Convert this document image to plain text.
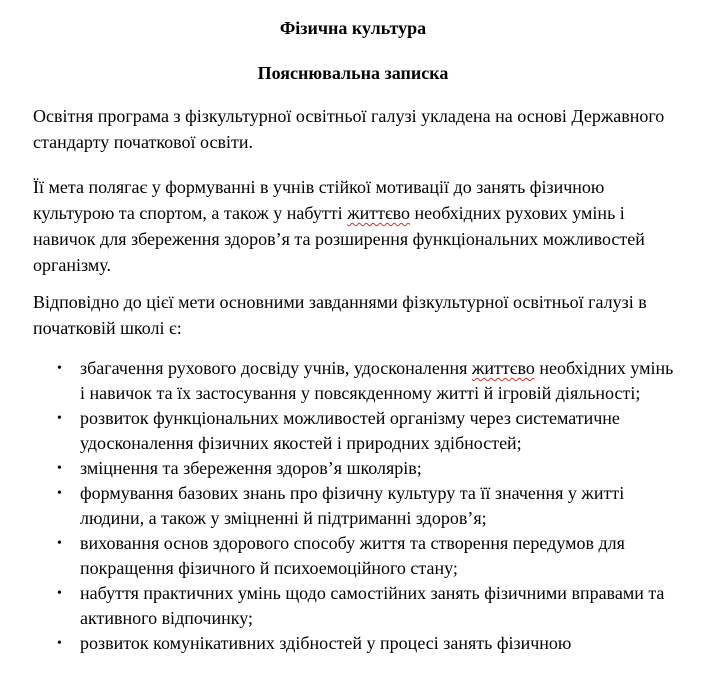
Фізична культура
Пояснювальна записка
Освітня програма з фізкультурної освітньої галузі укладена на основі Державного стандарту початкової освіти.
Її мета полягає у формуванні в учнів стійкої мотивації до занять фізичною культурою та спортом, а також у набутті життєво необхідних рухових умінь і навичок для збереження здоров’я та розширення функціональних можливостей організму.
Відповідно до цієї мети основними завданнями фізкультурної освітньої галузі в початковій школі є:
• збагачення рухового досвіду учнів, удосконалення життєво необхідних умінь і навичок та їх застосування у повсякденному житті й ігровій діяльності;
• розвиток функціональних можливостей організму через систематичне удосконалення фізичних якостей і природних здібностей;
• зміцнення та збереження здоров’я школярів;
• формування базових знань про фізичну культуру та її значення у житті людини, а також у зміцненні й підтриманні здоров’я;
• виховання основ здорового способу життя та створення передумов для покращення фізичного й психоемоційного стану;
• набуття практичних умінь щодо самостійних занять фізичними вправами та активного відпочинку;
• розвиток комунікативних здібностей у процесі занять фізичною
